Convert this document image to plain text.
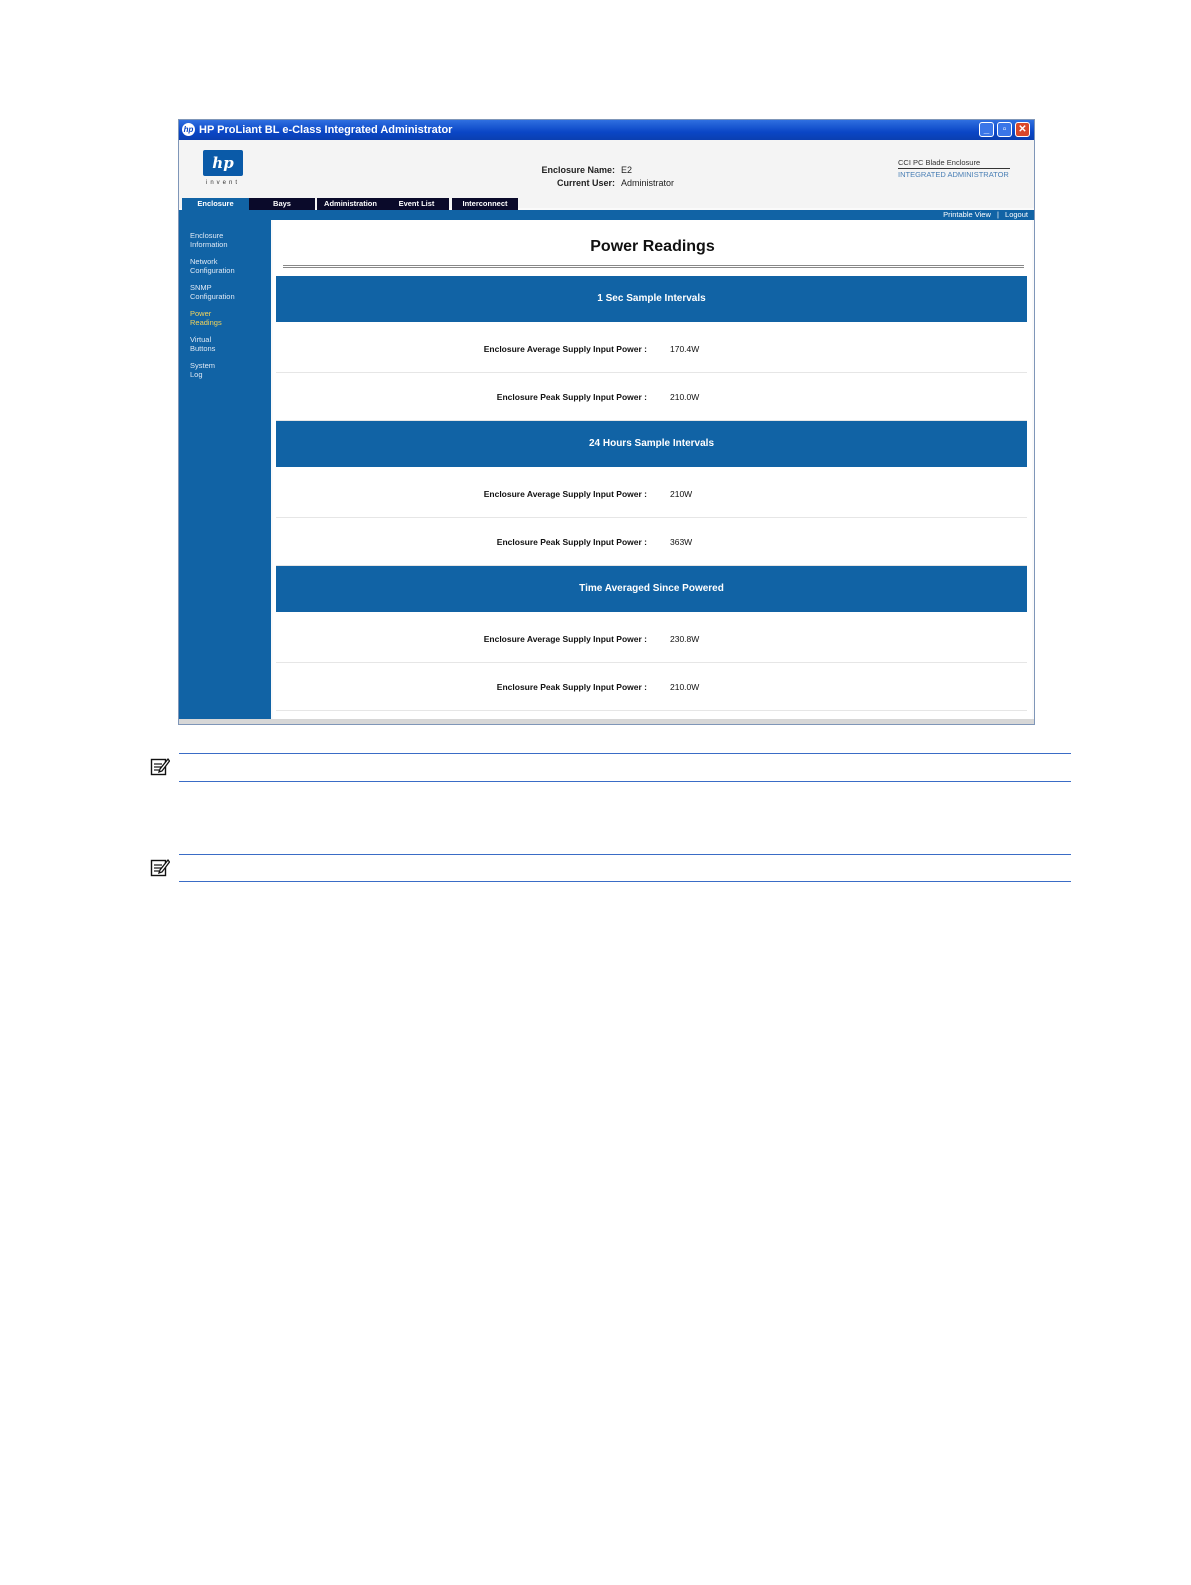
hp HP ProLiant BL e-Class Integrated Administrator	_	▫	✕
hp
invent
Enclosure Name: E2
Current User: Administrator
CCI PC Blade Enclosure
INTEGRATED ADMINISTRATOR
Enclosure	Bays	Administration	Event List	Interconnect
Printable View | Logout
Enclosure
Information
Network
Configuration
SNMP
Configuration
Power
Readings
Virtual
Buttons
System
Log
Power Readings
1 Sec Sample Intervals
Enclosure Average Supply Input Power :	170.4W
Enclosure Peak Supply Input Power :	210.0W
24 Hours Sample Intervals
Enclosure Average Supply Input Power :	210W
Enclosure Peak Supply Input Power :	363W
Time Averaged Since Powered
Enclosure Average Supply Input Power :	230.8W
Enclosure Peak Supply Input Power :	210.0W
